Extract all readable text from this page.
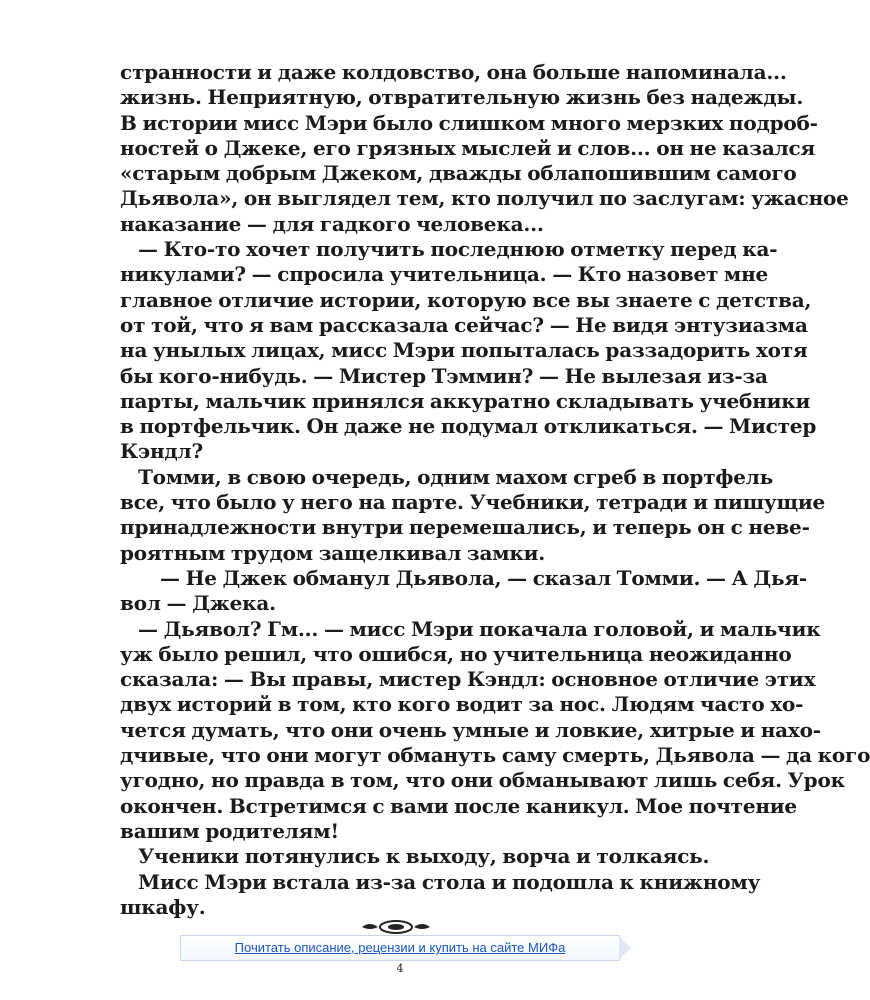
странности и даже колдовство, она больше напоминала...
жизнь. Неприятную, отвратительную жизнь без надежды.
В истории мисс Мэри было слишком много мерзких подроб-
ностей о Джеке, его грязных мыслей и слов... он не казался
«старым добрым Джеком, дважды облапошившим самого
Дьявола», он выглядел тем, кто получил по заслугам: ужасное
наказание — для гадкого человека...
— Кто-то хочет получить последнюю отметку перед ка-
никулами? — спросила учительница. — Кто назовет мне
главное отличие истории, которую все вы знаете с детства,
от той, что я вам рассказала сейчас? — Не видя энтузиазма
на унылых лицах, мисс Мэри попыталась раззадорить хотя
бы кого-нибудь. — Мистер Тэммин? — Не вылезая из-за
парты, мальчик принялся аккуратно складывать учебники
в портфельчик. Он даже не подумал откликаться. — Мистер
Кэндл?
Томми, в свою очередь, одним махом сгреб в портфель
все, что было у него на парте. Учебники, тетради и пишущие
принадлежности внутри перемешались, и теперь он с неве-
роятным трудом защелкивал замки.
— Не Джек обманул Дьявола, — сказал Томми. — А Дья-
вол — Джека.
— Дьявол? Гм... — мисс Мэри покачала головой, и мальчик
уж было решил, что ошибся, но учительница неожиданно
сказала: — Вы правы, мистер Кэндл: основное отличие этих
двух историй в том, кто кого водит за нос. Людям часто хо-
чется думать, что они очень умные и ловкие, хитрые и нахо-
дчивые, что они могут обмануть саму смерть, Дьявола — да кого
угодно, но правда в том, что они обманывают лишь себя. Урок
окончен. Встретимся с вами после каникул. Мое почтение
вашим родителям!
Ученики потянулись к выходу, ворча и толкаясь.
Мисс Мэри встала из-за стола и подошла к книжному
шкафу.
Почитать описание, рецензии и купить на сайте МИФа
4
